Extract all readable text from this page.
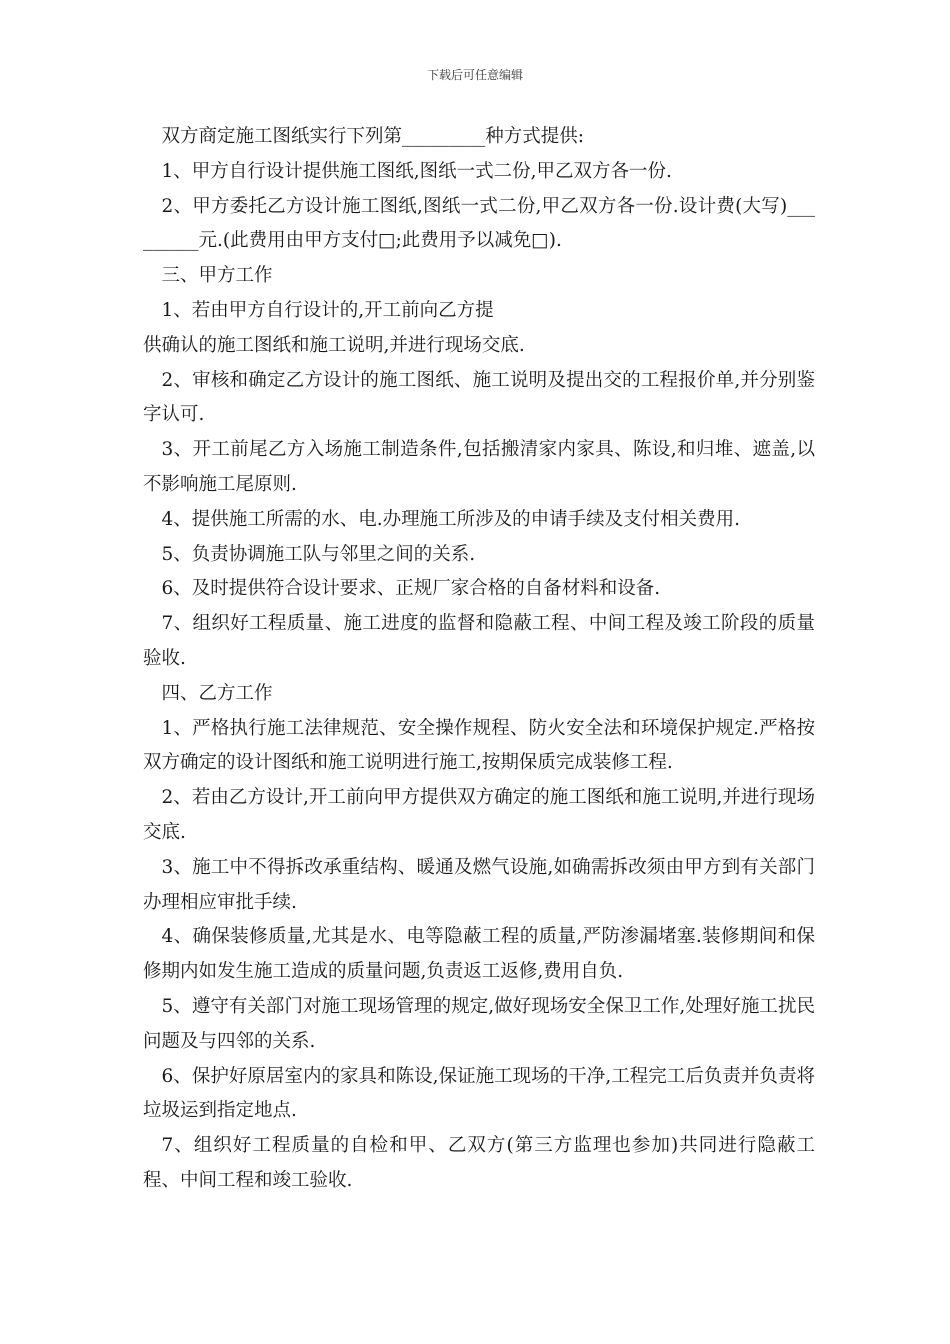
下载后可任意编辑

双方商定施工图纸实行下列第_________种方式提供:

1、甲方自行设计提供施工图纸,图纸一式二份,甲乙双方各一份.

2、甲方委托乙方设计施工图纸,图纸一式二份,甲乙双方各一份.设计费(大写)_________元.(此费用由甲方支付□;此费用予以减免□).

三、甲方工作

1、若由甲方自行设计的,开工前向乙方提

供确认的施工图纸和施工说明,并进行现场交底.

2、审核和确定乙方设计的施工图纸、施工说明及提出交的工程报价单,并分别鉴字认可.

3、开工前尾乙方入场施工制造条件,包括搬清家内家具、陈设,和归堆、遮盖,以不影响施工尾原则.

4、提供施工所需的水、电.办理施工所涉及的申请手续及支付相关费用.

5、负责协调施工队与邻里之间的关系.

6、及时提供符合设计要求、正规厂家合格的自备材料和设备.

7、组织好工程质量、施工进度的监督和隐蔽工程、中间工程及竣工阶段的质量验收.

四、乙方工作

1、严格执行施工法律规范、安全操作规程、防火安全法和环境保护规定.严格按双方确定的设计图纸和施工说明进行施工,按期保质完成装修工程.

2、若由乙方设计,开工前向甲方提供双方确定的施工图纸和施工说明,并进行现场交底.

3、施工中不得拆改承重结构、暖通及燃气设施,如确需拆改须由甲方到有关部门办理相应审批手续.

4、确保装修质量,尤其是水、电等隐蔽工程的质量,严防渗漏堵塞.装修期间和保修期内如发生施工造成的质量问题,负责返工返修,费用自负.

5、遵守有关部门对施工现场管理的规定,做好现场安全保卫工作,处理好施工扰民问题及与四邻的关系.

6、保护好原居室内的家具和陈设,保证施工现场的干净,工程完工后负责并负责将垃圾运到指定地点.

7、组织好工程质量的自检和甲、乙双方(第三方监理也参加)共同进行隐蔽工程、中间工程和竣工验收.
